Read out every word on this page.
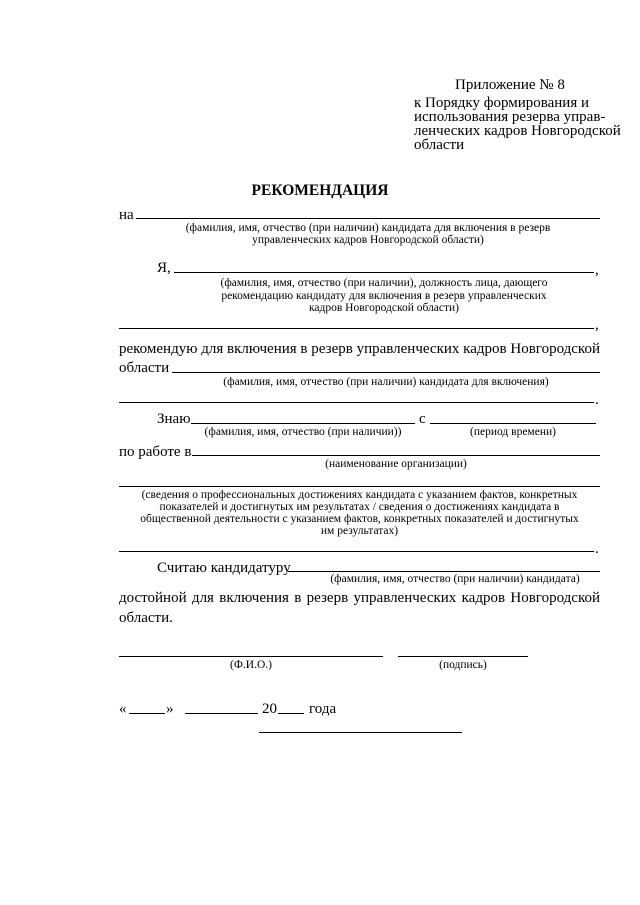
Приложение № 8
к Порядку формирования и
использования резерва управ-
ленческих кадров Новгородской
области
РЕКОМЕНДАЦИЯ
на
(фамилия, имя, отчество (при наличии) кандидата для включения в резерв
управленческих кадров Новгородской области)
Я,	,
(фамилия, имя, отчество (при наличии), должность лица, дающего
рекомендацию кандидату для включения в резерв управленческих
кадров Новгородской области)
,
рекомендую для включения в резерв управленческих кадров Новгородской
области
(фамилия, имя, отчество (при наличии) кандидата для включения)
.
Знаю	с
(фамилия, имя, отчество (при наличии))	(период времени)
по работе в
(наименование организации)
(сведения о профессиональных достижениях кандидата с указанием фактов, конкретных
показателей и достигнутых им результатах / сведения о достижениях кандидата в
общественной деятельности с указанием фактов, конкретных показателей и достигнутых
им результатах)
.
Считаю кандидатуру
(фамилия, имя, отчество (при наличии) кандидата)
достойной для включения в резерв управленческих кадров Новгородской
области.
(Ф.И.О.)	(подпись)
«	»	20 года
